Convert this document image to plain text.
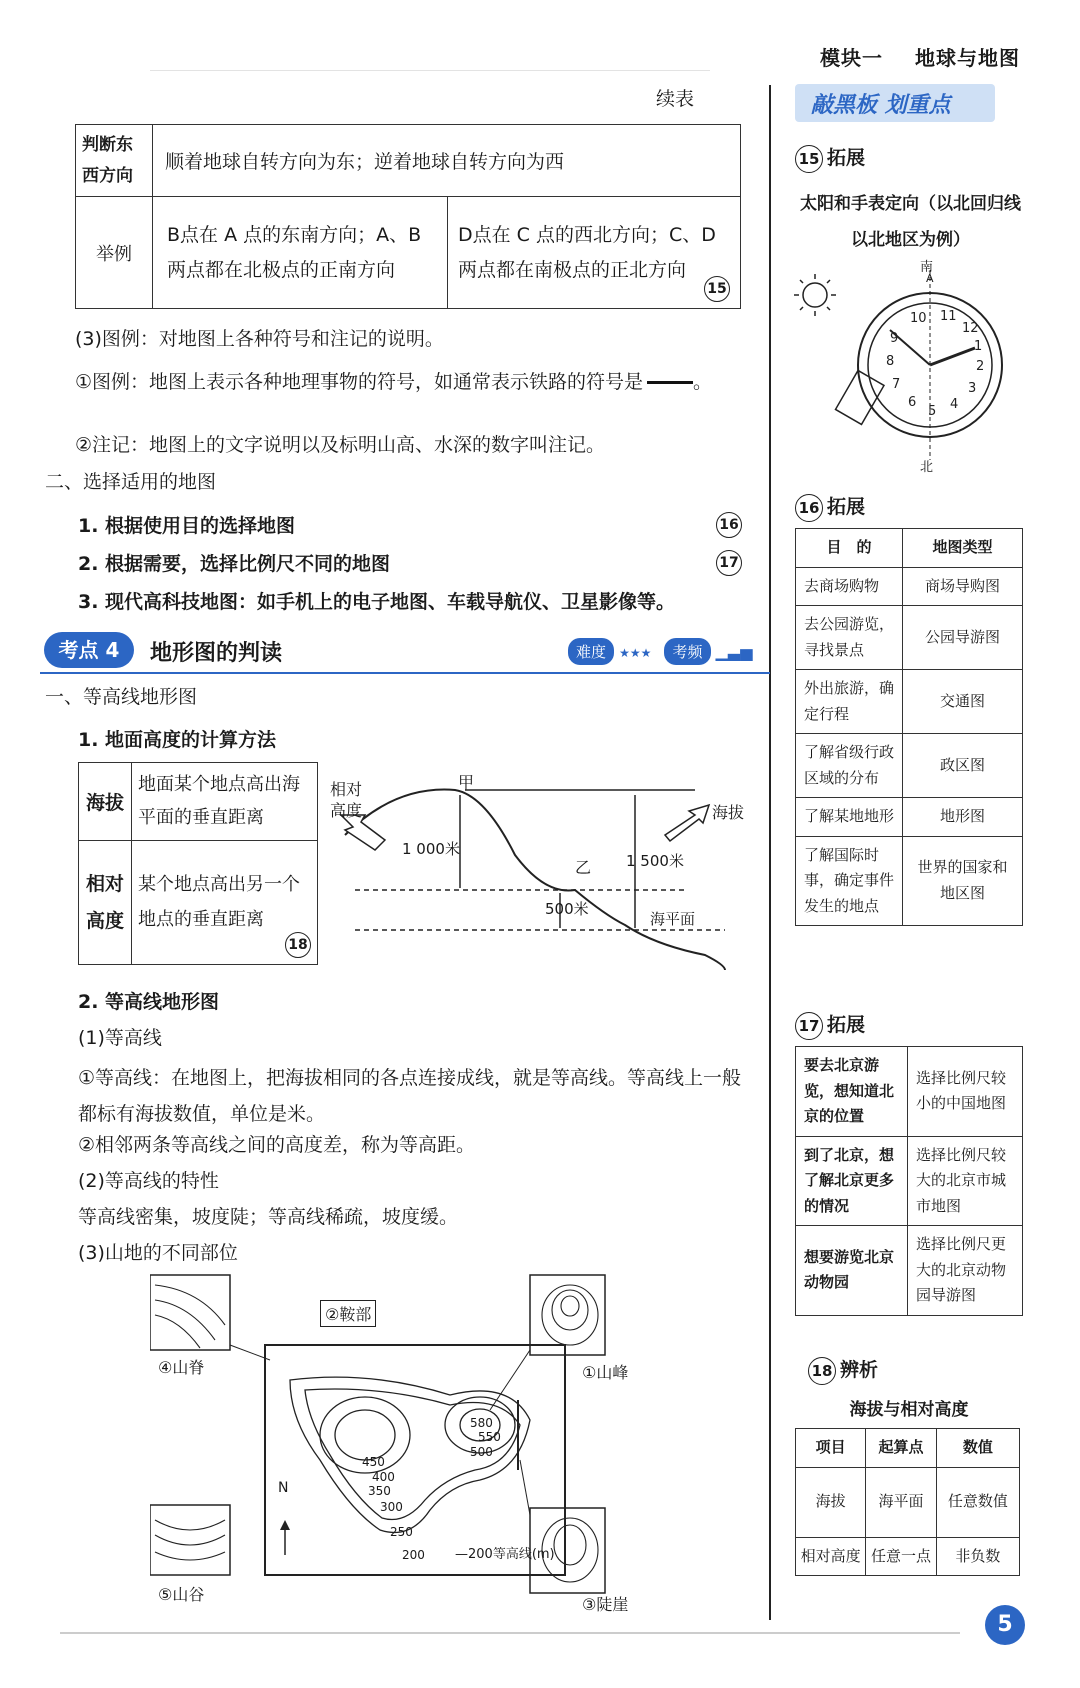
模块一 地球与地图
续表
判断东西方向	顺着地球自转方向为东；逆着地球自转方向为西	
举例	B点在 A 点的东南方向；A、B两点都在北极点的正南方向	D点在 C 点的西北方向；C、D两点都在南极点的正北方向
15
(3)图例：对地图上各种符号和注记的说明。
①图例：地图上表示各种地理事物的符号，如通常表示铁路的符号是	。
②注记：地图上的文字说明以及标明山高、水深的数字叫注记。
二、选择适用的地图
1. 根据使用目的选择地图	16
2. 根据需要，选择比例尺不同的地图	17
3. 现代高科技地图：如手机上的电子地图、车载导航仪、卫星影像等。
考点 4	地形图的判读	难度 ★★★ 考频 ▁▃▅
一、等高线地形图
1. 地面高度的计算方法
海拔	地面某个地点高出海平面的垂直距离
相对高度	某个地点高出另一个地点的垂直距离
18
甲
乙
相对高度	海拔
1 000米
1 500米
500米
海平面
2. 等高线地形图
(1)等高线
①等高线：在地图上，把海拔相同的各点连接成线，就是等高线。等高线上一般都标有海拔数值，单位是米。
②相邻两条等高线之间的高度差，称为等高距。
(2)等高线的特性
等高线密集，坡度陡；等高线稀疏，坡度缓。
(3)山地的不同部位
②鞍部
④山脊	①山峰
⑤山谷
③陡崖
N
—200等高线(m)
580
550
500
450
400
350
300
250
200
敲黑板 划重点
15 拓展
太阳和手表定向（以北回归线以北地区为例）
南
北
10 11
12
9
8
7
6
5 4
3
2
1
A
16 拓展
目　的	地图类型
去商场购物	商场导购图
去公园游览，寻找景点	公园导游图
外出旅游，确定行程	交通图
了解省级行政区域的分布	政区图
了解某地地形	地形图
了解国际时事，确定事件发生的地点	世界的国家和地区图
17 拓展
要去北京游览，想知道北京的位置	选择比例尺较小的中国地图
到了北京，想了解北京更多的情况	选择比例尺较大的北京市城市地图
想要游览北京动物园	选择比例尺更大的北京动物园导游图
18 辨析
海拔与相对高度
项目	起算点	数值
海拔	海平面	任意数值
相对高度	任意一点	非负数
5
